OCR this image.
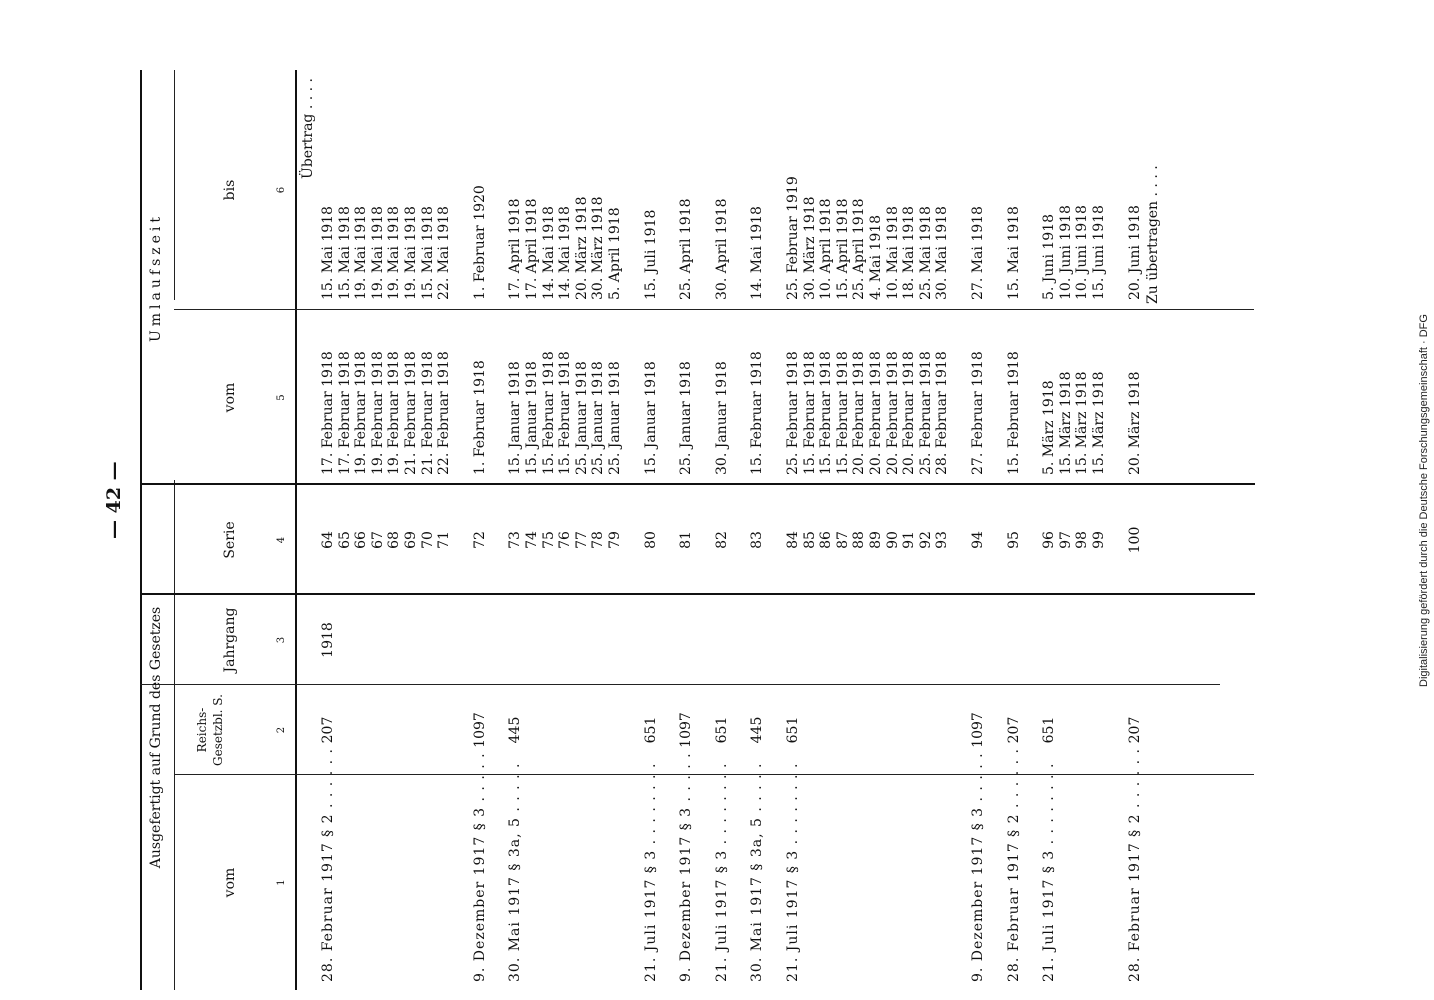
— 42 —	Digitalisierung gefördert durch die Deutsche Forschungsgemeinschaft · DFG
Ausgefertigt auf Grund des Gesetzes
Umlaufszeit
vom
Reichs-Gesetzbl. S.
Jahrgang
Serie
vom
bis
1
2
3
4
5
6
Übertrag . . . .
28. Februar 1917 § 2 . . . . . .
207
1918
64
17. Februar 1918
15. Mai 1918
65
17. Februar 1918
15. Mai 1918
66
19. Februar 1918
19. Mai 1918
67
19. Februar 1918
19. Mai 1918
68
19. Februar 1918
19. Mai 1918
69
21. Februar 1918
19. Mai 1918
70
21. Februar 1918
15. Mai 1918
71
22. Februar 1918
22. Mai 1918
9. Dezember 1917 § 3 . . . . .
1097
72
1. Februar 1918
1. Februar 1920
30. Mai 1917 § 3a, 5 . . . . .
445
73
15. Januar 1918
17. April 1918
74
15. Januar 1918
17. April 1918
75
15. Februar 1918
14. Mai 1918
76
15. Februar 1918
14. Mai 1918
77
25. Januar 1918
20. März 1918
78
25. Januar 1918
30. März 1918
79
25. Januar 1918
5. April 1918
21. Juli 1917 § 3 . . . . . . . .
651
80
15. Januar 1918
15. Juli 1918
9. Dezember 1917 § 3 . . . . .
1097
81
25. Januar 1918
25. April 1918
21. Juli 1917 § 3 . . . . . . . .
651
82
30. Januar 1918
30. April 1918
30. Mai 1917 § 3a, 5 . . . . .
445
83
15. Februar 1918
14. Mai 1918
21. Juli 1917 § 3 . . . . . . . .
651
84
25. Februar 1918
25. Februar 1919
85
15. Februar 1918
30. März 1918
86
15. Februar 1918
10. April 1918
87
15. Februar 1918
15. April 1918
88
20. Februar 1918
25. April 1918
89
20. Februar 1918
4. Mai 1918
90
20. Februar 1918
10. Mai 1918
91
20. Februar 1918
18. Mai 1918
92
25. Februar 1918
25. Mai 1918
93
28. Februar 1918
30. Mai 1918
9. Dezember 1917 § 3 . . . . .
1097
94
27. Februar 1918
27. Mai 1918
28. Februar 1917 § 2 . . . . . .
207
95
15. Februar 1918
15. Mai 1918
21. Juli 1917 § 3 . . . . . . . .
651
96
5. März 1918
5. Juni 1918
97
15. März 1918
10. Juni 1918
98
15. März 1918
10. Juni 1918
99
15. März 1918
15. Juni 1918
28. Februar 1917 § 2 . . . . . .
207
100
20. März 1918
20. Juni 1918 Zu übertragen . . . .
